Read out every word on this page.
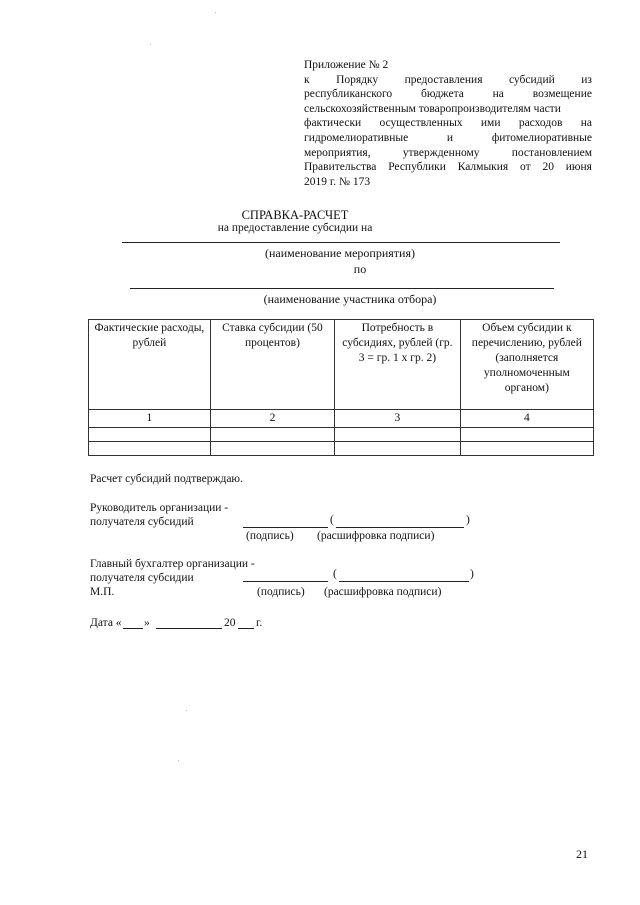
Приложение № 2
к Порядку предоставления субсидий из
республиканского	бюджета	на	возмещение
сельскохозяйственным товаропроизводителям части
фактически осуществленных ими расходов на
гидромелиоративные	и	фитомелиоративные
мероприятия,	утвержденному	постановлением
Правительства Республики Калмыкия от 20 июня
2019 г. № 173
СПРАВКА-РАСЧЕТ
на предоставление субсидии на
(наименование мероприятия)
по
(наименование участника отбора)
Фактические расходы, рублей	Ставка субсидии (50 процентов)	Потребность в субсидиях, рублей (гр. 3 = гр. 1 x гр. 2)	Объем субсидии к перечислению, рублей (заполняется уполномоченным органом)
1	2	3	4

Расчет субсидий подтверждаю.
Руководитель организации -
получателя субсидий	(	)
(подпись) (расшифровка подписи)
Главный бухгалтер организации -
получателя субсидии
М.П.
(	)
(подпись) (расшифровка подписи)
Дата « »	20 г.
21
